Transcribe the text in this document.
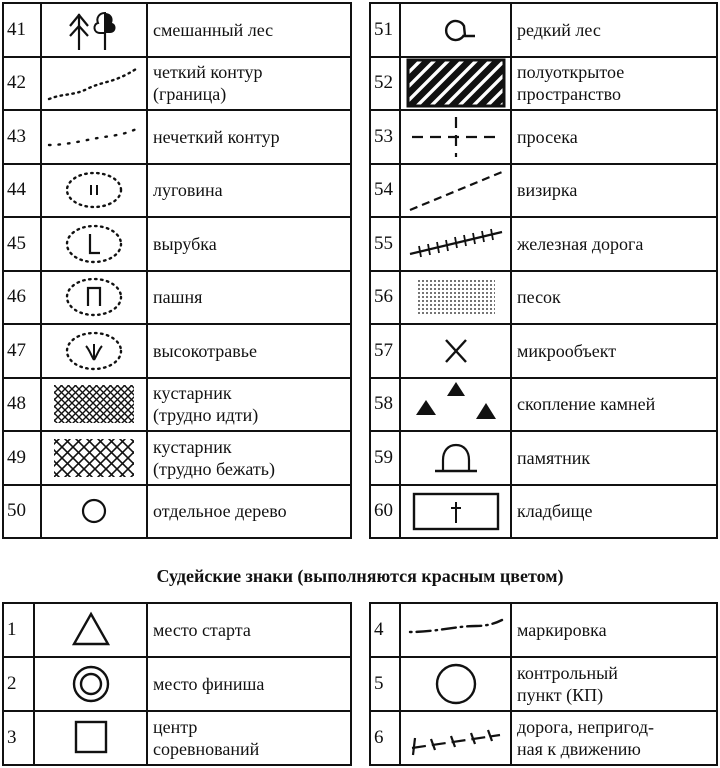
41		смешанный лес

42		четкий контур
(граница)

43		нечеткий контур

44		луговина

45		вырубка

46		пашня

47		высокотравье

48		кустарник
(трудно идти)

49		кустарник
(трудно бежать)

50		отдельное дерево
51		редкий лес

52		полуоткрытое
пространство

53		просека

54		визирка

55		железная дорога

56		песок

57		микрообъект

58		скопление камней

59		памятник

60		кладбище
Судейские знаки (выполняются красным цветом)
1		место старта

2		место финиша

3		центр
соревнований
4		маркировка

5		контрольный
пункт (КП)

6		дорога, непригод-
ная к движению
